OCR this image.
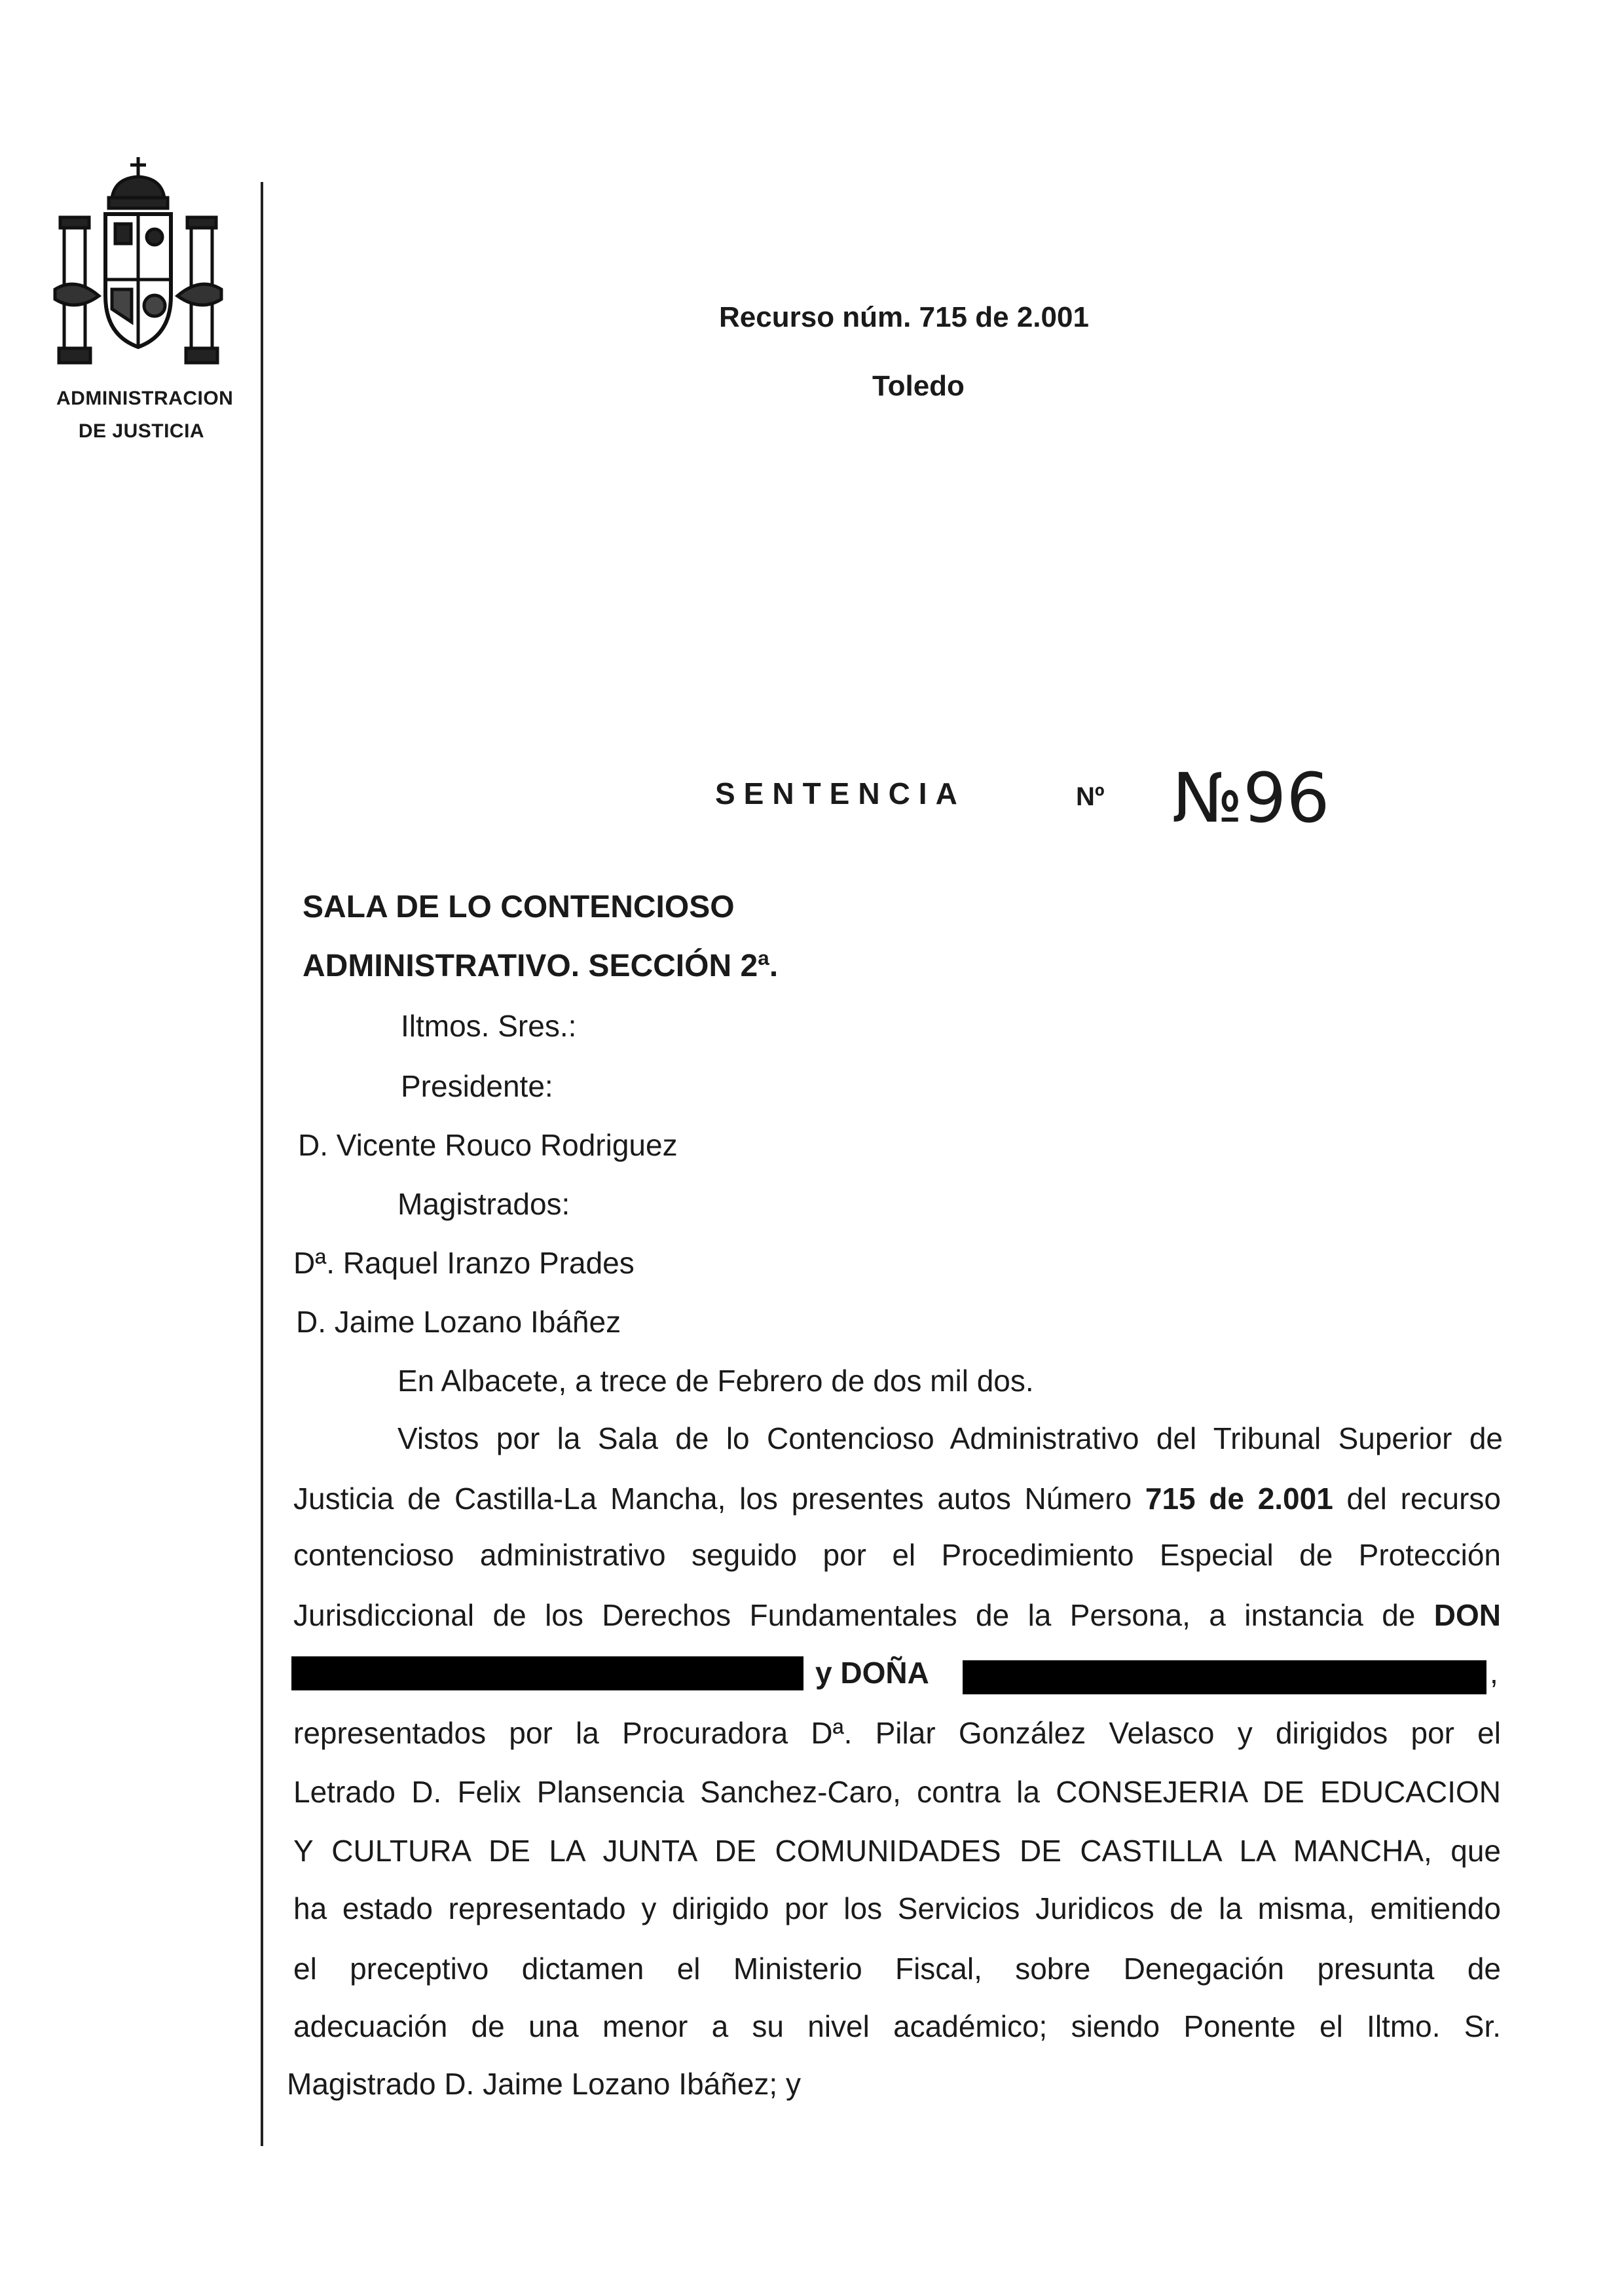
ADMINISTRACION
DE JUSTICIA
Recurso núm. 715 de 2.001
Toledo
SENTENCIA	Nº №96
SALA DE LO CONTENCIOSO
ADMINISTRATIVO. SECCIÓN 2ª.
Iltmos. Sres.:
Presidente:
D. Vicente Rouco Rodriguez
Magistrados:
Dª. Raquel Iranzo Prades
D. Jaime Lozano Ibáñez
En Albacete, a trece de Febrero de dos mil dos.
Vistos por la Sala de lo Contencioso Administrativo del Tribunal Superior de
Justicia de Castilla-La Mancha, los presentes autos Número 715 de 2.001 del recurso
contencioso administrativo seguido por el Procedimiento Especial de Protección
Jurisdiccional de los Derechos Fundamentales de la Persona, a instancia de DON
y DOÑA	,
representados por la Procuradora Dª. Pilar González Velasco y dirigidos por el
Letrado D. Felix Plansencia Sanchez-Caro, contra la CONSEJERIA DE EDUCACION
Y CULTURA DE LA JUNTA DE COMUNIDADES DE CASTILLA LA MANCHA, que
ha estado representado y dirigido por los Servicios Juridicos de la misma, emitiendo
el preceptivo dictamen el Ministerio Fiscal, sobre Denegación presunta de
adecuación de una menor a su nivel académico; siendo Ponente el Iltmo. Sr.
Magistrado D. Jaime Lozano Ibáñez; y
